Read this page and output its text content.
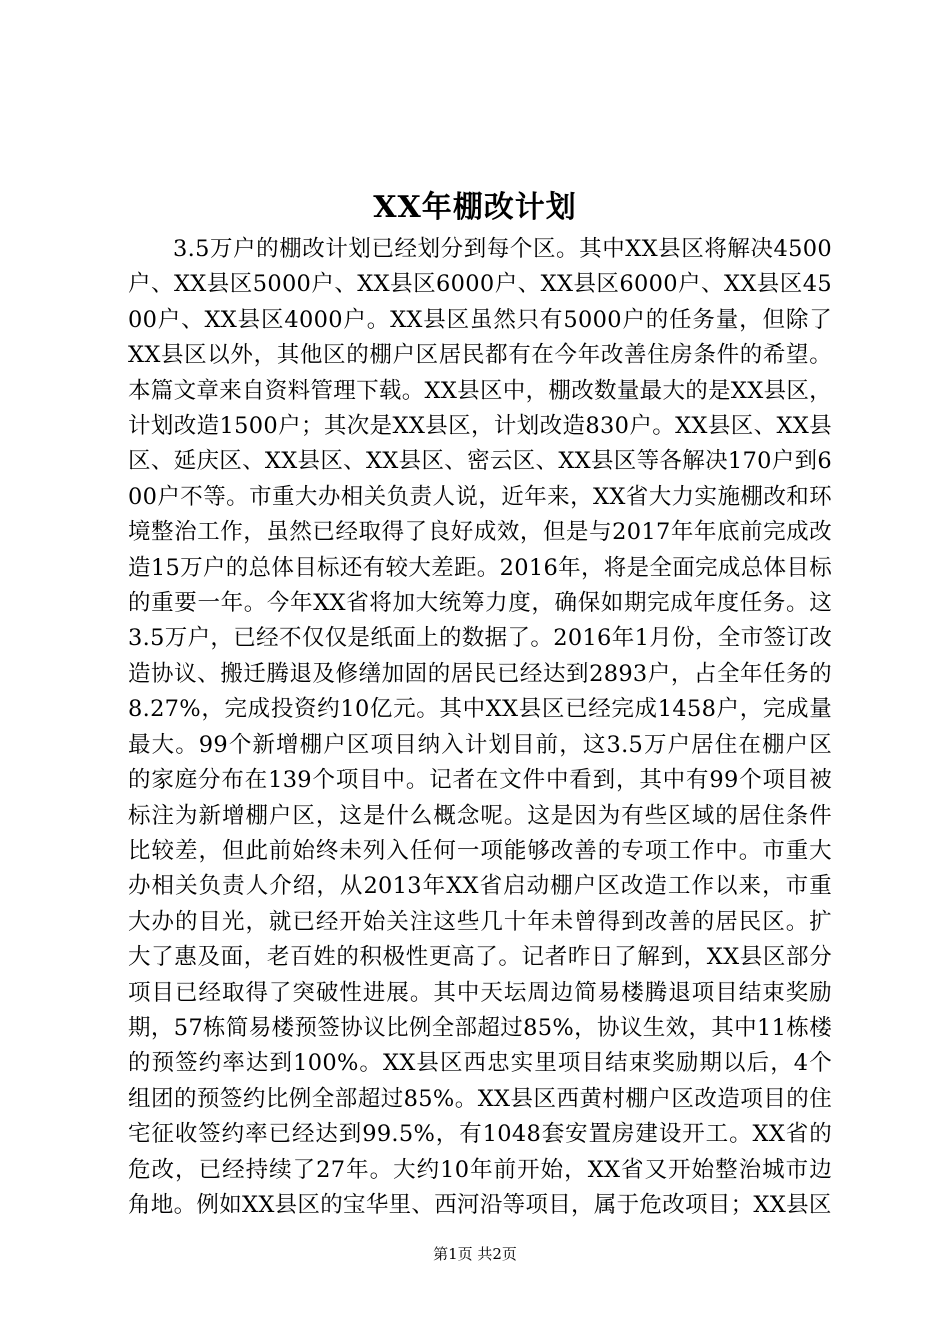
XX年棚改计划

3.5万户的棚改计划已经划分到每个区。其中XX县区将解决4500户、XX县区5000户、XX县区6000户、XX县区6000户、XX县区4500户、XX县区4000户。XX县区虽然只有5000户的任务量，但除了XX县区以外，其他区的棚户区居民都有在今年改善住房条件的希望。本篇文章来自资料管理下载。XX县区中，棚改数量最大的是XX县区，计划改造1500户；其次是XX县区，计划改造830户。XX县区、XX县区、延庆区、XX县区、XX县区、密云区、XX县区等各解决170户到600户不等。市重大办相关负责人说，近年来，XX省大力实施棚改和环境整治工作，虽然已经取得了良好成效，但是与2017年年底前完成改造15万户的总体目标还有较大差距。2016年，将是全面完成总体目标的重要一年。今年XX省将加大统筹力度，确保如期完成年度任务。这3.5万户，已经不仅仅是纸面上的数据了。2016年1月份，全市签订改造协议、搬迁腾退及修缮加固的居民已经达到2893户，占全年任务的8.27%，完成投资约10亿元。其中XX县区已经完成1458户，完成量最大。99个新增棚户区项目纳入计划目前，这3.5万户居住在棚户区的家庭分布在139个项目中。记者在文件中看到，其中有99个项目被标注为新增棚户区，这是什么概念呢。这是因为有些区域的居住条件比较差，但此前始终未列入任何一项能够改善的专项工作中。市重大办相关负责人介绍，从2013年XX省启动棚户区改造工作以来，市重大办的目光，就已经开始关注这些几十年未曾得到改善的居民区。扩大了惠及面，老百姓的积极性更高了。记者昨日了解到，XX县区部分项目已经取得了突破性进展。其中天坛周边简易楼腾退项目结束奖励期，57栋简易楼预签协议比例全部超过85%，协议生效，其中11栋楼的预签约率达到100%。XX县区西忠实里项目结束奖励期以后，4个组团的预签约比例全部超过85%。XX县区西黄村棚户区改造项目的住宅征收签约率已经达到99.5%，有1048套安置房建设开工。XX省的危改，已经持续了27年。大约10年前开始，XX省又开始整治城市边角地。例如XX县区的宝华里、西河沿等项目，属于危改项目；XX县区

第1页 共2页
